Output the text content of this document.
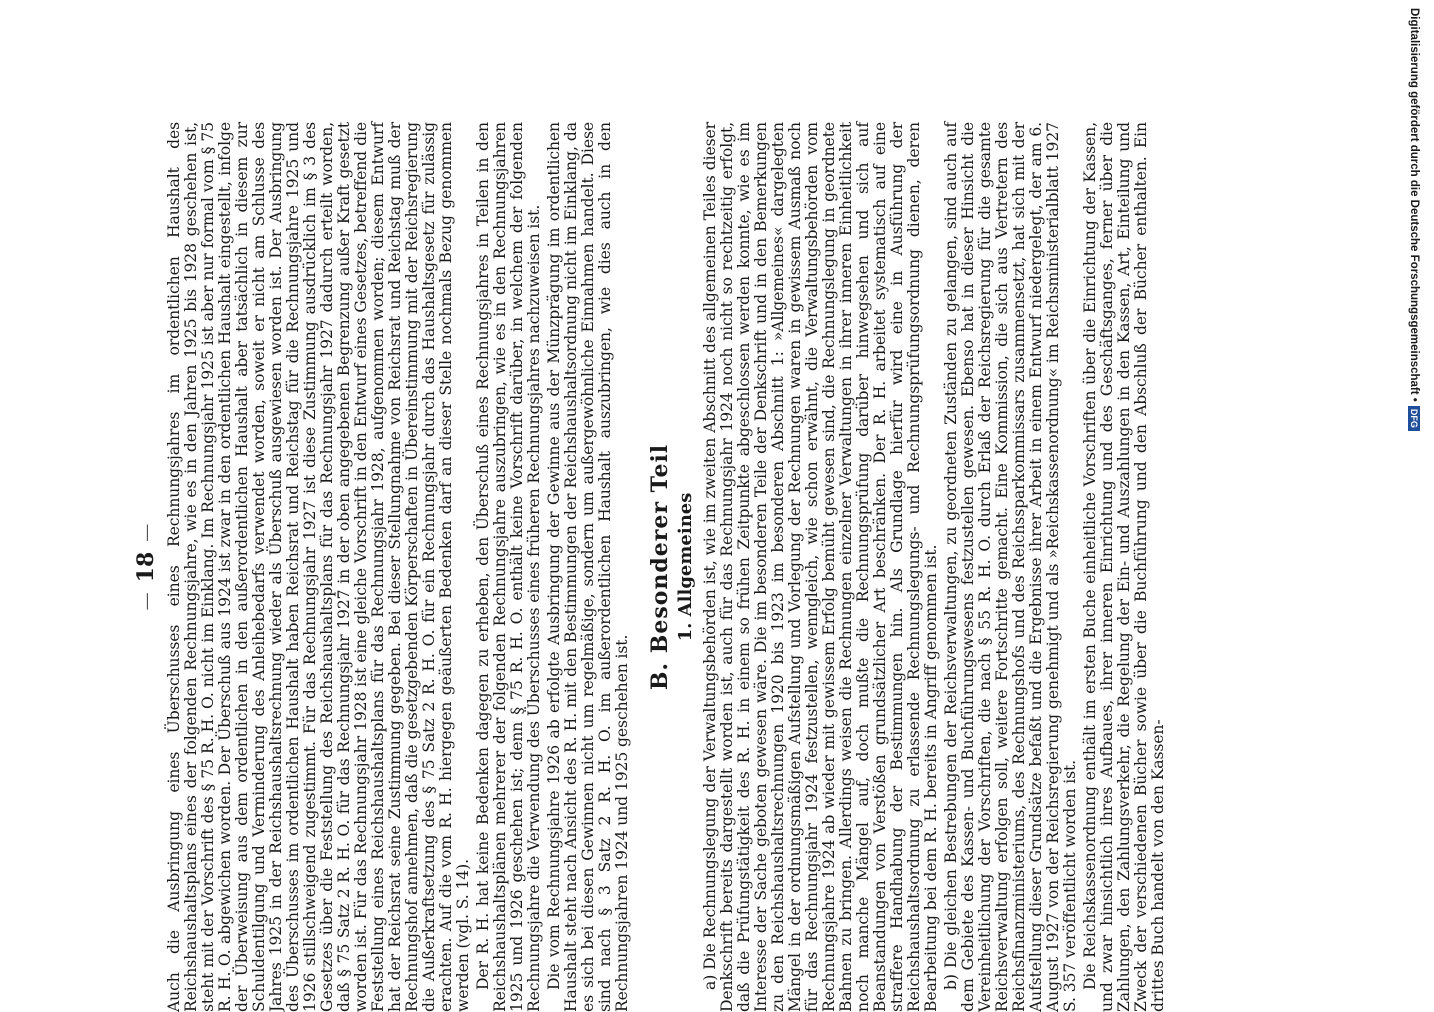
—
18
— Auch die Ausbringung eines Überschusses eines Rechnungsjahres im ordentlichen Haushalt des Reichshaushaltsplans eines der folgenden Rechnungsjahre, wie es in den Jahren 1925 bis 1928 geschehen ist, steht mit der Vorschrift des § 75 R. H. O. nicht im Einklang. Im Rechnungsjahr 1925 ist aber nur formal vom § 75 R. H. O. abgewichen worden. Der Überschuß aus 1924 ist zwar in den ordentlichen Haushalt eingestellt, infolge der Überweisung aus dem ordentlichen in den außerordentlichen Haushalt aber tatsächlich in diesem zur Schuldentilgung und Verminderung des Anleihebedarfs verwendet worden, soweit er nicht am Schlusse des Jahres 1925 in der Reichshaushaltsrechnung wieder als Überschuß ausgewiesen worden ist. Der Ausbringung des Überschusses im ordentlichen Haushalt haben Reichsrat und Reichstag für die Rechnungsjahre 1925 und 1926 stillschweigend zugestimmt. Für das Rechnungsjahr 1927 ist diese Zustimmung ausdrücklich im § 3 des Gesetzes über die Feststellung des Reichshaushaltsplans für das Rechnungsjahr 1927 dadurch erteilt worden, daß § 75 Satz 2 R. H. O. für das Rechnungsjahr 1927 in der oben angegebenen Begrenzung außer Kraft gesetzt worden ist. Für das Rechnungsjahr 1928 ist eine gleiche Vorschrift in den Entwurf eines Gesetzes, betreffend die Feststellung eines Reichshaushaltsplans für das Rechnungsjahr 1928, aufgenommen worden; diesem Entwurf hat der Reichsrat seine Zustimmung gegeben. Bei dieser Stellungnahme von Reichsrat und Reichstag muß der Rechnungshof annehmen, daß die gesetzgebenden Körperschaften in Übereinstimmung mit der Reichsregierung die Außerkraftsetzung des § 75 Satz 2 R. H. O. für ein Rechnungsjahr durch das Haushaltsgesetz für zulässig erachten. Auf die vom R. H. hiergegen geäußerten Bedenken darf an dieser Stelle nochmals Bezug genommen werden (vgl. S. 14). Der R. H. hat keine Bedenken dagegen zu erheben, den Überschuß eines Rechnungsjahres in Teilen in den Reichshaushaltsplänen mehrerer der folgenden Rechnungsjahre auszubringen, wie es in den Rechnungsjahren 1925 und 1926 geschehen ist; denn § 75 R. H. O. enthält keine Vorschrift darüber, in welchem der folgenden Rechnungsjahre die Verwendung des Überschusses eines früheren Rechnungsjahres nachzuweisen ist. Die vom Rechnungsjahre 1926 ab erfolgte Ausbringung der Gewinne aus der Münzprägung im ordentlichen Haushalt steht nach Ansicht des R. H. mit den Bestimmungen der Reichshaushaltsordnung nicht im Einklang, da es sich bei diesen Gewinnen nicht um regelmäßige, sondern um außergewöhnliche Einnahmen handelt. Diese sind nach § 3 Satz 2 R. H. O. im außerordentlichen Haushalt auszubringen, wie dies auch in den Rechnungsjahren 1924 und 1925 geschehen ist.

B. Besonderer Teil 1. Allgemeines a) Die Rechnungslegung der Verwaltungsbehörden ist, wie im zweiten Abschnitt des allgemeinen Teiles dieser Denkschrift bereits dargestellt worden ist, auch für das Rechnungsjahr 1924 noch nicht so rechtzeitig erfolgt, daß die Prüfungstätigkeit des R. H. in einem so frühen Zeitpunkte abgeschlossen werden konnte, wie es im Interesse der Sache geboten gewesen wäre. Die im besonderen Teile der Denkschrift und in den Bemerkungen zu den Reichshaushaltsrechnungen 1920 bis 1923 im besonderen Abschnitt 1: »Allgemeines« dargelegten Mängel in der ordnungsmäßigen Aufstellung und Vorlegung der Rechnungen waren in gewissem Ausmaß noch für das Rechnungsjahr 1924 festzustellen, wenngleich, wie schon erwähnt, die Verwaltungsbehörden vom Rechnungsjahre 1924 ab wieder mit gewissem Erfolg bemüht gewesen sind, die Rechnungslegung in geordnete Bahnen zu bringen. Allerdings weisen die Rechnungen einzelner Verwaltungen in ihrer inneren Einheitlichkeit noch manche Mängel auf, doch mußte die Rechnungsprüfung darüber hinwegsehen und sich auf Beanstandungen von Verstößen grundsätzlicher Art beschränken. Der R. H. arbeitet systematisch auf eine straffere Handhabung der Bestimmungen hin. Als Grundlage hierfür wird eine in Ausführung der Reichshaushaltsordnung zu erlassende Rechnungslegungs- und Rechnungsprüfungsordnung dienen, deren Bearbeitung bei dem R. H. bereits in Angriff genommen ist. b) Die gleichen Bestrebungen der Reichsverwaltungen, zu geordneten Zuständen zu gelangen, sind auch auf dem Gebiete des Kassen- und Buchführungswesens festzustellen gewesen. Ebenso hat in dieser Hinsicht die Vereinheitlichung der Vorschriften, die nach § 55 R. H. O. durch Erlaß der Reichsregierung für die gesamte Reichsverwaltung erfolgen soll, weitere Fortschritte gemacht. Eine Kommission, die sich aus Vertretern des Reichsfinanzministeriums, des Rechnungshofs und des Reichssparkommissars zusammensetzt, hat sich mit der Aufstellung dieser Grundsätze befaßt und die Ergebnisse ihrer Arbeit in einem Entwurf niedergelegt, der am 6. August 1927 von der Reichsregierung genehmigt und als »Reichskassenordnung« im Reichsministerialblatt 1927 S. 357 veröffentlicht worden ist. Die Reichskassenordnung enthält im ersten Buche einheitliche Vorschriften über die Einrichtung der Kassen, und zwar hinsichtlich ihres Aufbaues, ihrer inneren Einrichtung und des Geschäftsganges, ferner über die Zahlungen, den Zahlungsverkehr, die Regelung der Ein- und Auszahlungen in den Kassen, Art, Einteilung und Zweck der verschiedenen Bücher sowie über die Buchführung und den Abschluß der Bücher enthalten. Ein drittes Buch handelt von den Kassen-

Digitalisierung gefördert durch die Deutsche Forschungsgemeinschaft •
DFG
